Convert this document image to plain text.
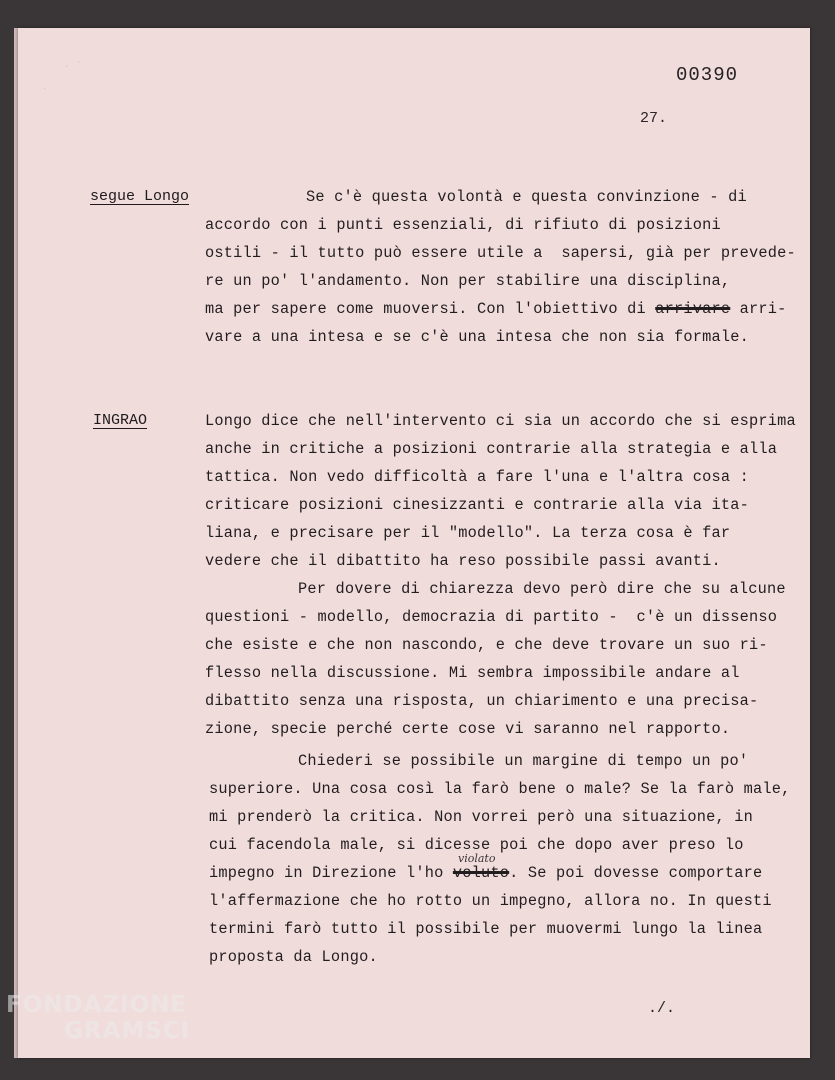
· ·
·
00390
27.
segue Longo	Se c'è questa volontà e questa convinzione - di
accordo con i punti essenziali, di rifiuto di posizioni
ostili - il tutto può essere utile a  sapersi, già per prevede-
re un po' l'andamento. Non per stabilire una disciplina,
ma per sapere come muoversi. Con l'obiettivo di arrivare arri-
vare a una intesa e se c'è una intesa che non sia formale.
INGRAO	Longo dice che nell'intervento ci sia un accordo che si esprima
anche in critiche a posizioni contrarie alla strategia e alla
tattica. Non vedo difficoltà a fare l'una e l'altra cosa :
criticare posizioni cinesizzanti e contrarie alla via ita-
liana, e precisare per il "modello". La terza cosa è far
vedere che il dibattito ha reso possibile passi avanti.
Per dovere di chiarezza devo però dire che su alcune
questioni - modello, democrazia di partito -  c'è un dissenso
che esiste e che non nascondo, e che deve trovare un suo ri-
flesso nella discussione. Mi sembra impossibile andare al
dibattito senza una risposta, un chiarimento e una precisa-
zione, specie perché certe cose vi saranno nel rapporto.
Chiederi se possibile un margine di tempo un po'
superiore. Una cosa così la farò bene o male? Se la farò male,
mi prenderò la critica. Non vorrei però una situazione, in
cui facendola male, si dicesse poi che dopo aver preso lo
violato
impegno in Direzione l'ho voluto. Se poi dovesse comportare
l'affermazione che ho rotto un impegno, allora no. In questi
termini farò tutto il possibile per muovermi lungo la linea
proposta da Longo.
./.
FONDAZIONE
GRAMSCI
